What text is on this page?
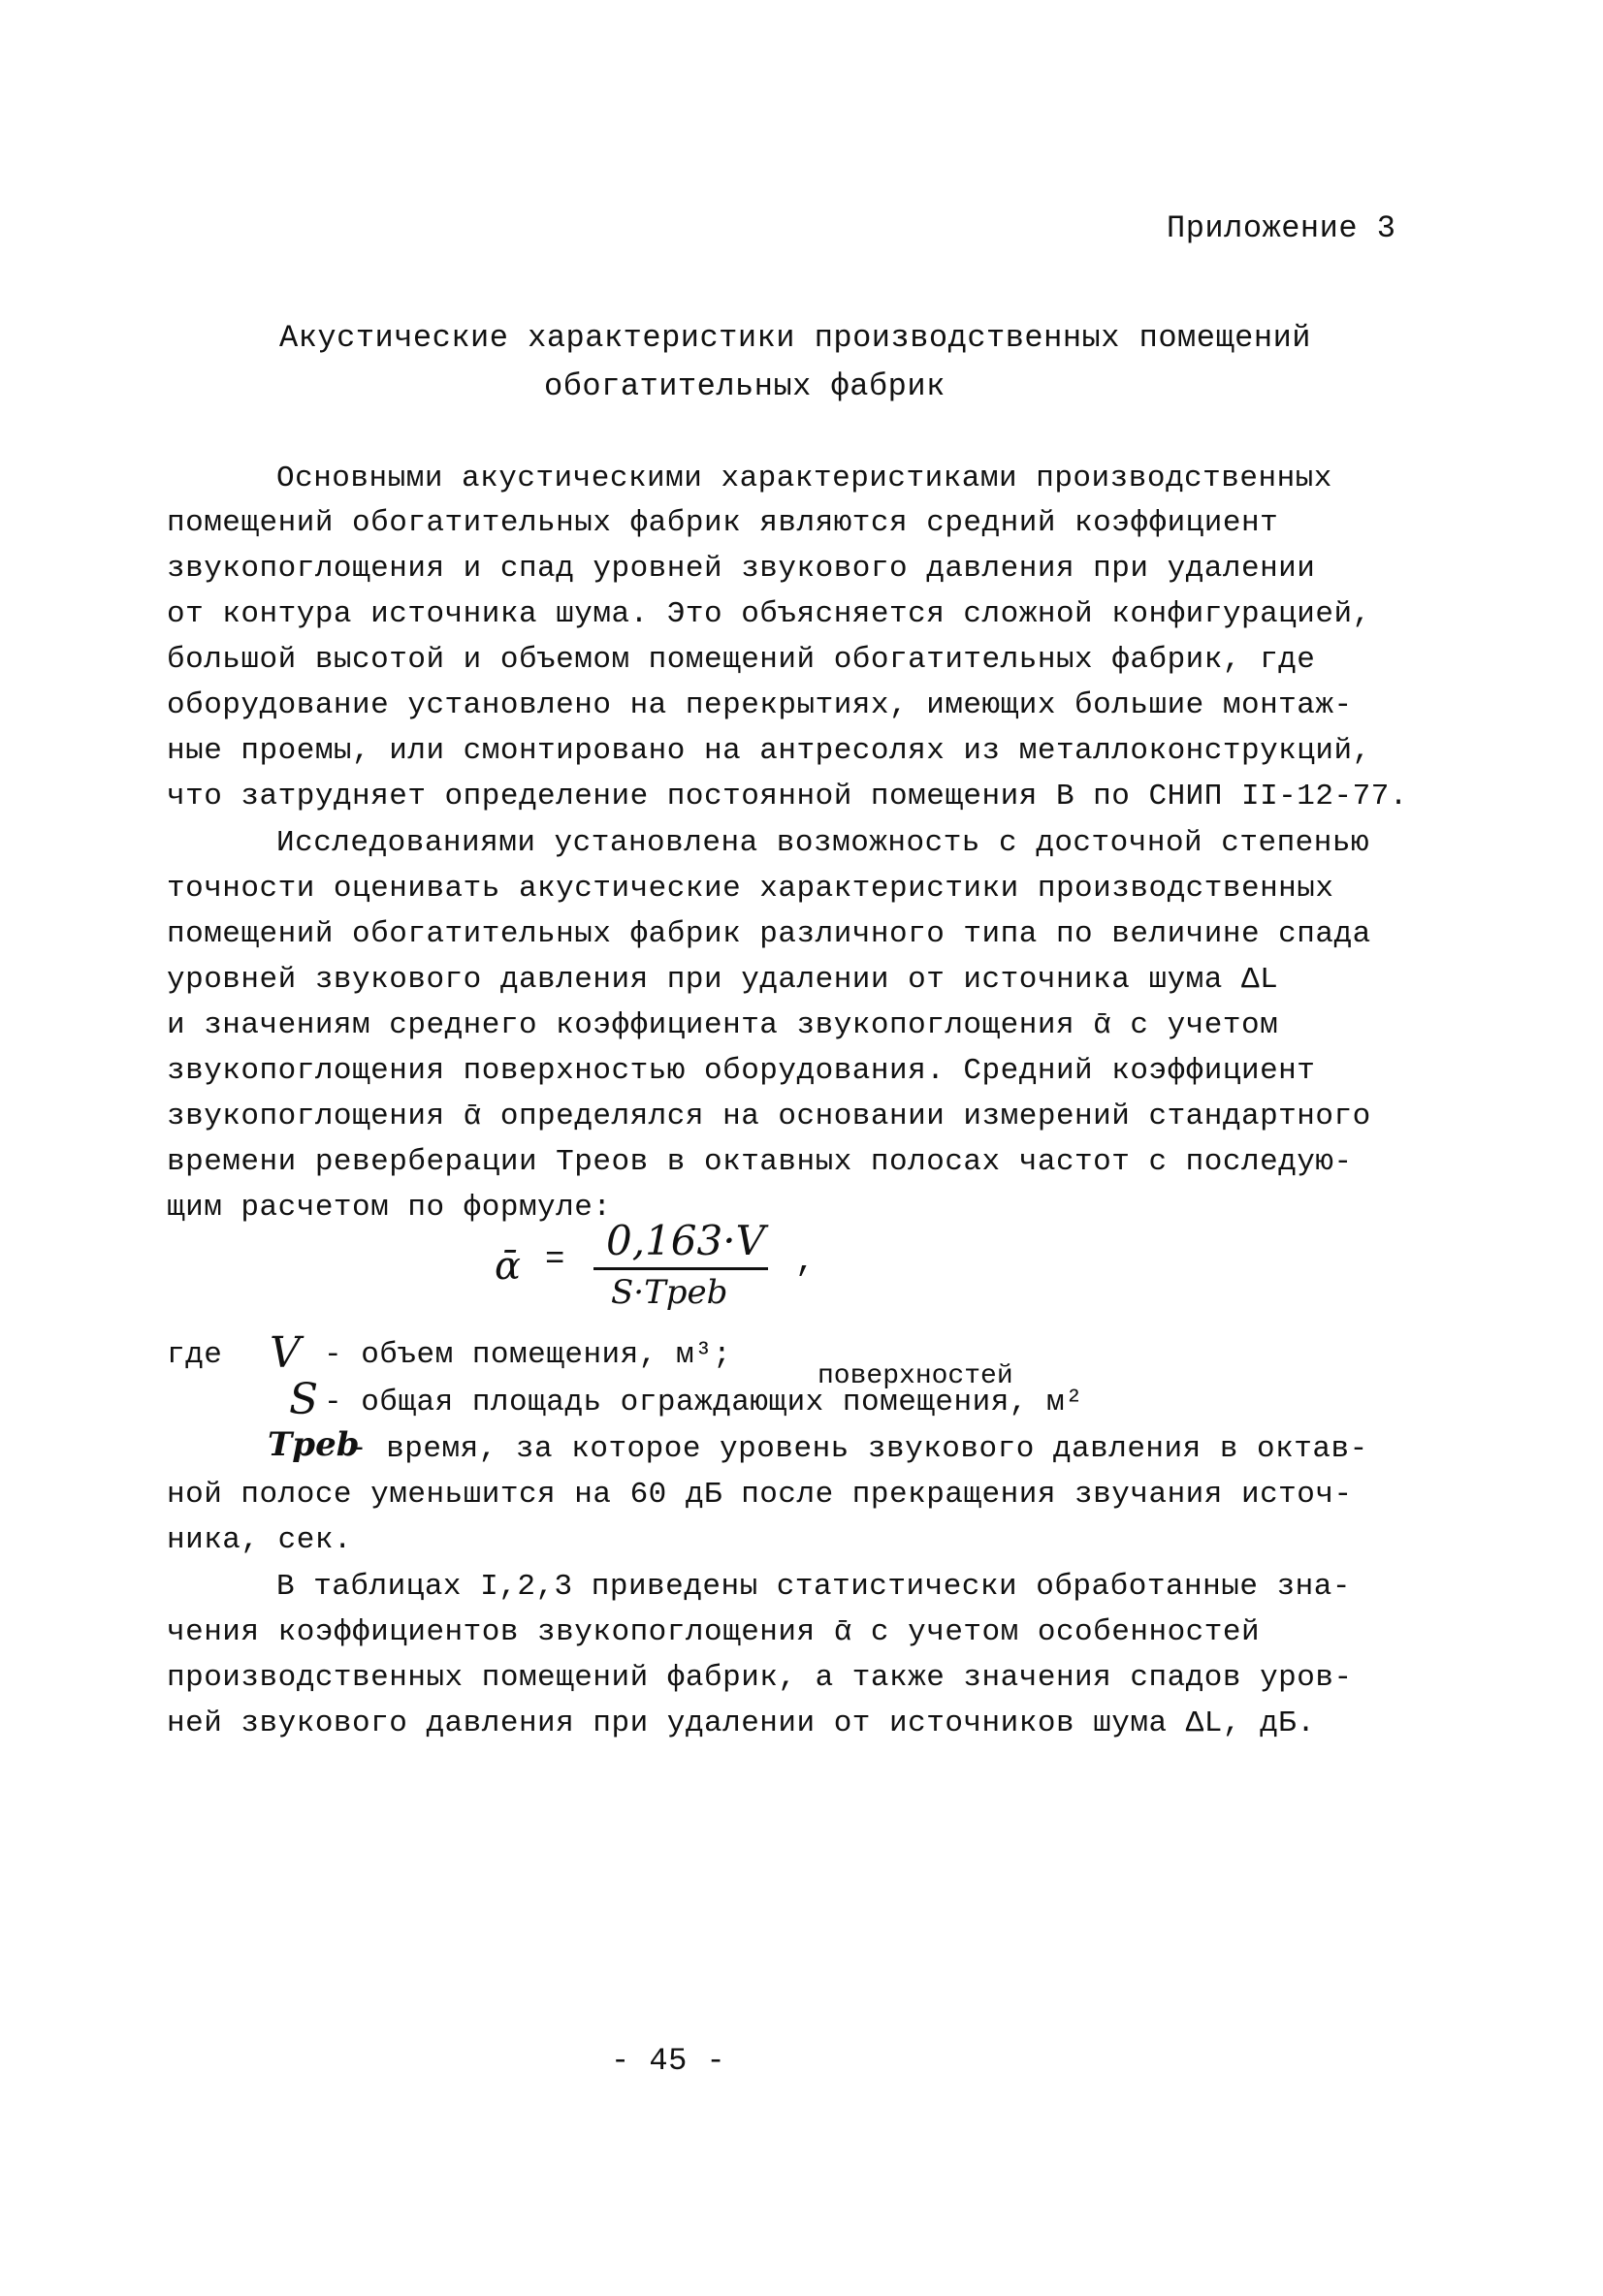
Приложение 3
Акустические характеристики производственных помещений
обогатительных фабрик
Основными акустическими характеристиками производственных
помещений обогатительных фабрик являются средний коэффициент
звукопоглощения и спад уровней звукового давления при удалении
от контура источника шума. Это объясняется сложной конфигурацией,
большой высотой и объемом помещений обогатительных фабрик, где
оборудование установлено на перекрытиях, имеющих большие монтаж-
ные проемы, или смонтировано на антресолях из металлоконструкций,
что затрудняет определение постоянной помещения В по СНИП II-12-77.
Исследованиями установлена возможность с досточной степенью
точности оценивать акустические характеристики производственных
помещений обогатительных фабрик различного типа по величине спада
уровней звукового давления при удалении от источника шума ΔL
и значениям среднего коэффициента звукопоглощения ᾱ с учетом
звукопоглощения поверхностью оборудования. Средний коэффициент
звукопоглощения ᾱ определялся на основании измерений стандартного
времени реверберации Треов в октавных полосах частот с последую-
щим расчетом по формуле:
ᾱ = 0,163·V
S·Треb
,
где V - объем помещения, м³;
поверхностей
S - общая площадь ограждающих помещения, м²
Tpeb
- время, за которое уровень звукового давления в октав-
ной полосе уменьшится на 60 дБ после прекращения звучания источ-
ника, сек.
В таблицах I,2,3 приведены статистически обработанные зна-
чения коэффициентов звукопоглощения ᾱ с учетом особенностей
производственных помещений фабрик, а также значения спадов уров-
ней звукового давления при удалении от источников шума ΔL, дБ.
- 45 -
